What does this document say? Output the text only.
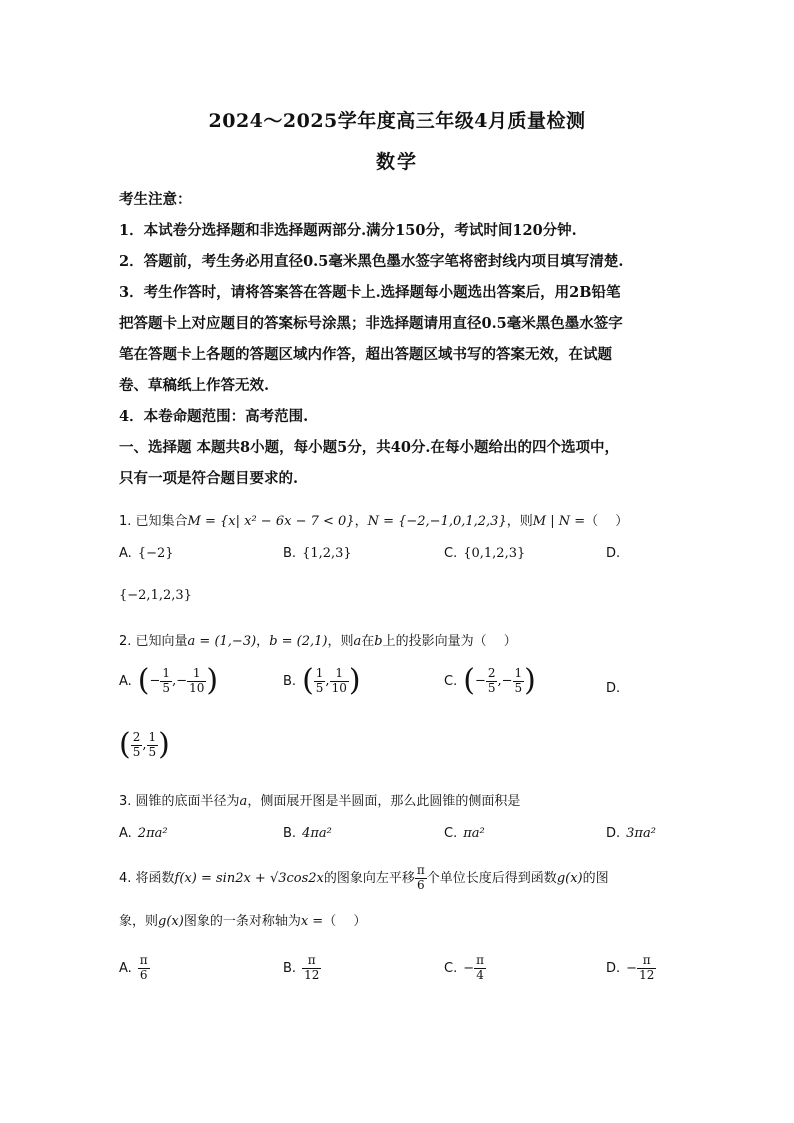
2024～2025学年度高三年级4月质量检测
数学
考生注意：
1．本试卷分选择题和非选择题两部分.满分150分，考试时间120分钟.
2．答题前，考生务必用直径0.5毫米黑色墨水签字笔将密封线内项目填写清楚.
3．考生作答时，请将答案答在答题卡上.选择题每小题选出答案后，用2B铅笔
把答题卡上对应题目的答案标号涂黑；非选择题请用直径0.5毫米黑色墨水签字
笔在答题卡上各题的答题区域内作答，超出答题区域书写的答案无效，在试题
卷、草稿纸上作答无效.
4．本卷命题范围：高考范围.
一、选择题 本题共8小题，每小题5分，共40分.在每小题给出的四个选项中，
只有一项是符合题目要求的.
1. 已知集合M = {x| x² − 6x − 7 < 0}，N = {−2,−1,0,1,2,3}，则M | N =（　 ）
A. {−2}	B. {1,2,3}	C. {0,1,2,3}	D.
{−2,1,2,3}
2. 已知向量a = (1,−3)，b = (2,1)，则a在b上的投影向量为（　 ）
A. (− $\frac{1}{5}$ ,− $\frac{1}{10}$ )	B. ( $\frac{1}{5}$ , $\frac{1}{10}$ )	C. (− $\frac{2}{5}$ ,− $\frac{1}{5}$ )	D.
( $\frac{2}{5}$ , $\frac{1}{5}$ )
3. 圆锥的底面半径为a，侧面展开图是半圆面，那么此圆锥的侧面积是
A. 2πa²	B. 4πa²	C. πa²	D. 3πa²
4. 将函数f(x) = sin2x + √3cos2x的图象向左平移 $\frac{\pi}{6}$ 个单位长度后得到函数g(x)的图
象，则g(x)图象的一条对称轴为x =（　 ）
A. $\frac{\pi}{6}$	B. $\frac{\pi}{12}$	C. − $\frac{\pi}{4}$	D. − $\frac{\pi}{12}$
